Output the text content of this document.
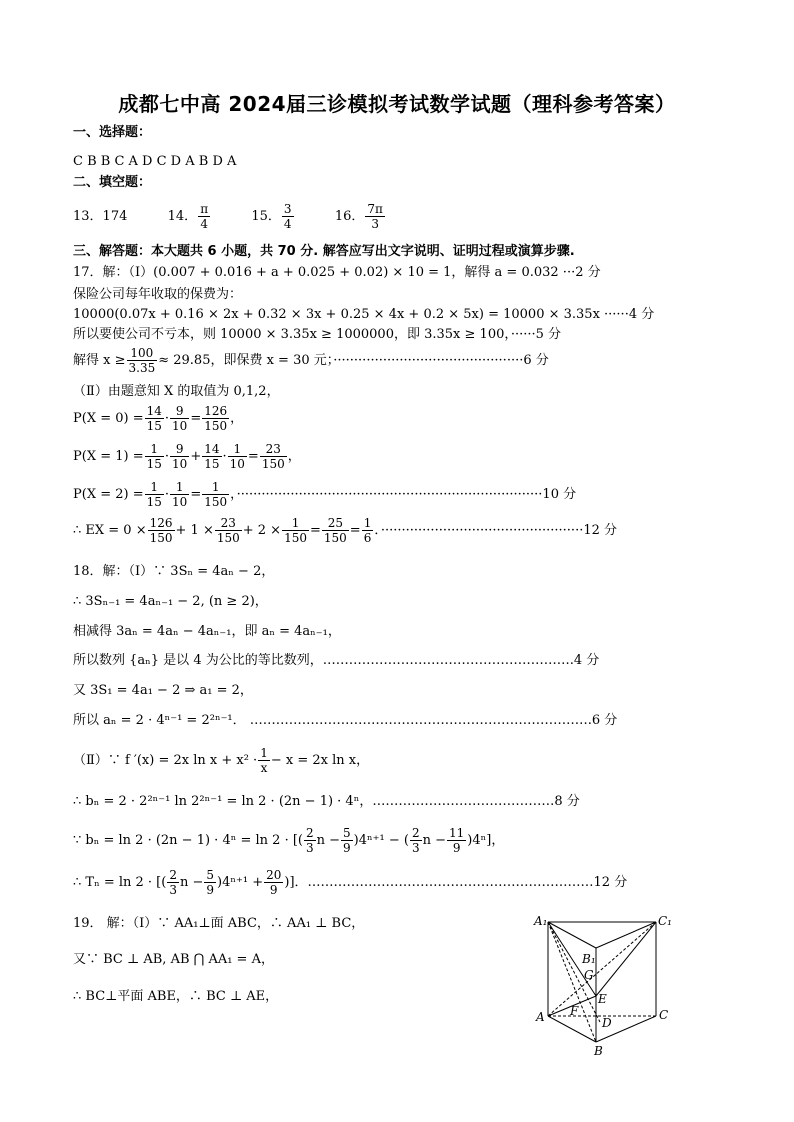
成都七中高 2024届三诊模拟考试数学试题（理科参考答案）
一、选择题：
C B B C A D C D A B D A
二、填空题：
13．174	14． $\frac{\pi}{4}$	15． $\frac{3}{4}$	16． $\frac{7\pi}{3}$
三、解答题：本大题共 6 小题，共 70 分. 解答应写出文字说明、证明过程或演算步骤.
17．解：（Ⅰ）(0.007 + 0.016 + a + 0.025 + 0.02) × 10 = 1，解得 a = 0.032 ···2 分
保险公司每年收取的保费为：
10000(0.07x + 0.16 × 2x + 0.32 × 3x + 0.25 × 4x + 0.2 × 5x) = 10000 × 3.35x ······4 分
所以要使公司不亏本，则 10000 × 3.35x ≥ 1000000，即 3.35x ≥ 100，······5 分
解得 $x \ge \frac{100}{3.35} \approx 29.85$，即保费 x = 30 元；··············································6 分
（Ⅱ）由题意知 X 的取值为 0,1,2，
$P(X = 0) = \frac{14}{15} \cdot \frac{9}{10} = \frac{126}{150}$ ，
$P(X = 1) = \frac{1}{15} \cdot \frac{9}{10} + \frac{14}{15} \cdot \frac{1}{10} = \frac{23}{150}$ ，
$P(X = 2) = \frac{1}{15} \cdot \frac{1}{10} = \frac{1}{150}$ ，··········································································10 分
∴ EX = $0 \times \frac{126}{150} + 1 \times \frac{23}{150} + 2 \times \frac{1}{150} = \frac{25}{150} = \frac{1}{6}$ ．·················································12 分
18．解：（Ⅰ）∵ 3Sₙ = 4aₙ − 2，
∴ 3Sₙ₋₁ = 4aₙ₋₁ − 2, (n ≥ 2)，
相减得 3aₙ = 4aₙ − 4aₙ₋₁，即 aₙ = 4aₙ₋₁，
所以数列 {aₙ} 是以 4 为公比的等比数列，………………………………………………….4 分
又 3S₁ = 4a₁ − 2 ⇒ a₁ = 2，
所以 aₙ = 2 · 4ⁿ⁻¹ = 2²ⁿ⁻¹． …………………………………………………………………….6 分
（Ⅱ）∵ f ′(x) = 2x $\ln x + x^2 \cdot \frac{1}{x} - x = 2x$ ln x，
∴ bₙ = 2 · 2²ⁿ⁻¹ ln 2²ⁿ⁻¹ = ln 2 · (2n − 1) · 4ⁿ，……………………………………8 分
∵ bₙ = ln 2 · (2n − 1) · 4ⁿ = ln 2 · [( $\frac{2}{3}$ $n - \frac{5}{9} )4^{n+1}$ − ( $\frac{2}{3}$ $n - \frac{11}{9} )4^n$]，
∴ Tₙ = ln 2 · [( $\frac{2}{3}$ $n - \frac{5}{9} )4^{n+1} + \frac{20}{9}$ )]．…………………………………………………………12 分
19． 解：（Ⅰ）∵ AA₁⊥面 ABC，∴ AA₁ ⊥ BC，
又∵ BC ⊥ AB, AB ⋂ AA₁ = A，
∴ BC⊥平面 ABE，∴ BC ⊥ AE，
A₁	C₁
B₁
G
E
F
D
A	C
B
